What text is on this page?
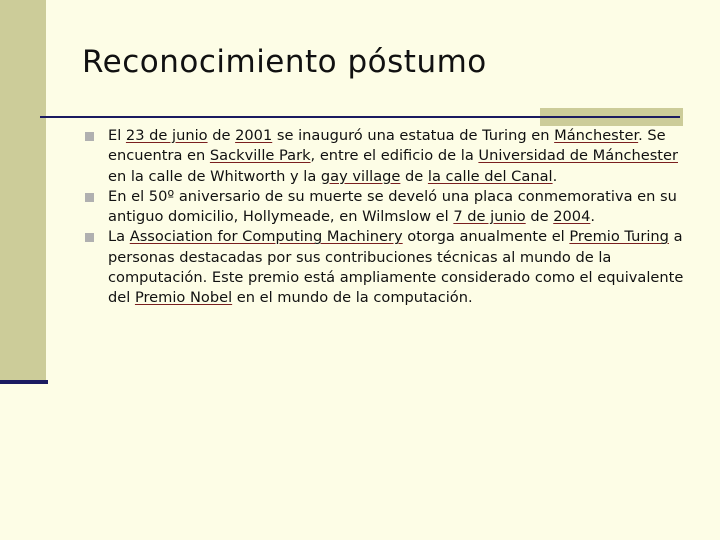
Reconocimiento póstumo
El 23 de junio de 2001 se inauguró una estatua de Turing en Mánchester. Se encuentra en Sackville Park, entre el edificio de la Universidad de Mánchester en la calle de Whitworth y la gay village de la calle del Canal.
En el 50º aniversario de su muerte se develó una placa conmemorativa en su antiguo domicilio, Hollymeade, en Wilmslow el 7 de junio de 2004.
La Association for Computing Machinery otorga anualmente el Premio Turing a personas destacadas por sus contribuciones técnicas al mundo de la computación. Este premio está ampliamente considerado como el equivalente del Premio Nobel en el mundo de la computación.
